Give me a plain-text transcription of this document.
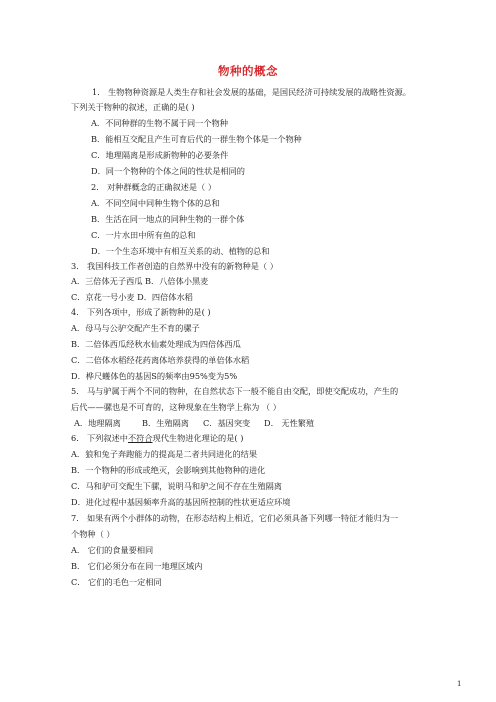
物种的概念
1． 生物物种资源是人类生存和社会发展的基础，是国民经济可持续发展的战略性资源。
下列关于物种的叙述，正确的是( )
A．不同种群的生物不属于同一个物种
B．能相互交配且产生可育后代的一群生物个体是一个物种
C．地理隔离是形成新物种的必要条件
D．同一个物种的个体之间的性状是相同的
2． 对种群概念的正确叙述是（ ）
A．不同空间中同种生物个体的总和
B．生活在同一地点的同种生物的一群个体
C．一片水田中所有鱼的总和
D．一个生态环境中有相互关系的动、植物的总和
3． 我国科技工作者创造的自然界中没有的新物种是（ ）
A．三倍体无子西瓜 B．八倍体小黑麦
C．京花一号小麦 D．四倍体水稻
4． 下列各项中，形成了新物种的是( )
A．母马与公驴交配产生不育的骡子
B．二倍体西瓜经秋水仙素处理成为四倍体西瓜
C．二倍体水稻经花药离体培养获得的单倍体水稻
D．桦尺蠖体色的基因S的频率由95%变为5%
5． 马与驴属于两个不同的物种，在自然状态下一般不能自由交配，即使交配成功，产生的
后代——骡也是不可育的，这种现象在生物学上称为 （ ）
A．地理隔离	B．生殖隔离 C．基因突变 D． 无性繁殖
6． 下列叙述中不符合现代生物进化理论的是( )
A．狼和兔子奔跑能力的提高是二者共同进化的结果
B．一个物种的形成或绝灭，会影响到其他物种的进化
C．马和驴可交配生下骡，说明马和驴之间不存在生殖隔离
D．进化过程中基因频率升高的基因所控制的性状更适应环境
7． 如果有两个小群体的动物，在形态结构上相近，它们必须具备下列哪一特征才能归为一
个物种（ ）
A． 它们的食量要相同
B． 它们必须分布在同一地理区域内
C． 它们的毛色一定相同
1
